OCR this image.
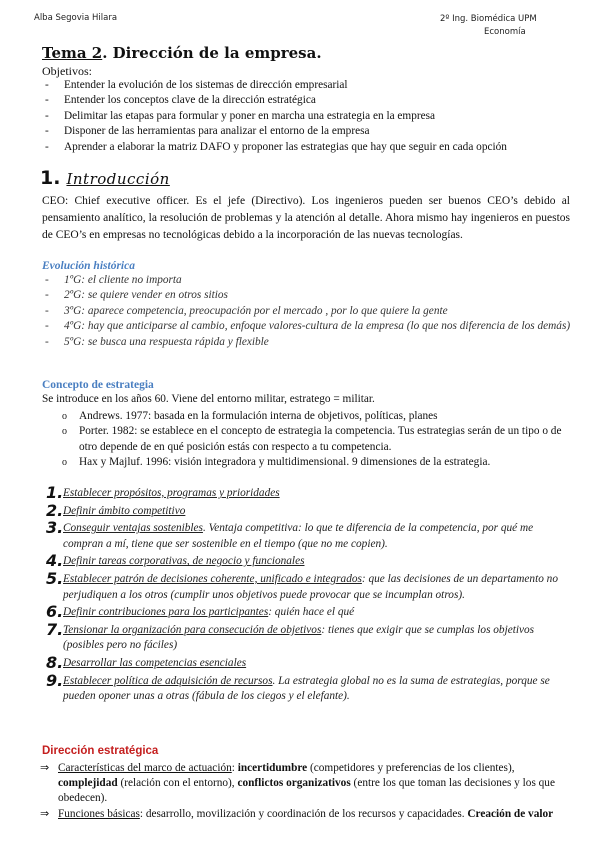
Alba Segovia Hilara	2º Ing. Biomédica UPM
Economía
Tema 2. Dirección de la empresa.
Objetivos:
- Entender la evolución de los sistemas de dirección empresarial
- Entender los conceptos clave de la dirección estratégica
- Delimitar las etapas para formular y poner en marcha una estrategia en la empresa
- Disponer de las herramientas para analizar el entorno de la empresa
- Aprender a elaborar la matriz DAFO y proponer las estrategias que hay que seguir en cada opción
1. Introducción
CEO: Chief executive officer. Es el jefe (Directivo). Los ingenieros pueden ser buenos CEO’s debido al pensamiento analítico, la resolución de problemas y la atención al detalle. Ahora mismo hay ingenieros en puestos de CEO’s en empresas no tecnológicas debido a la incorporación de las nuevas tecnologías.
Evolución histórica
- 1ºG: el cliente no importa
- 2ºG: se quiere vender en otros sitios
- 3ºG: aparece competencia, preocupación por el mercado , por lo que quiere la gente
- 4ºG: hay que anticiparse al cambio, enfoque valores-cultura de la empresa (lo que nos diferencia de los demás)
- 5ºG: se busca una respuesta rápida y flexible
Concepto de estrategia
Se introduce en los años 60. Viene del entorno militar, estratego = militar.
o Andrews. 1977: basada en la formulación interna de objetivos, políticas, planes
o Porter. 1982: se establece en el concepto de estrategia la competencia. Tus estrategias serán de un tipo o de otro depende de en qué posición estás con respecto a tu competencia.
o Hax y Majluf. 1996: visión integradora y multidimensional. 9 dimensiones de la estrategia.
1. Establecer propósitos, programas y prioridades
2. Definir ámbito competitivo
3. Conseguir ventajas sostenibles. Ventaja competitiva: lo que te diferencia de la competencia, por qué me compran a mí, tiene que ser sostenible en el tiempo (que no me copien).
4. Definir tareas corporativas, de negocio y funcionales
5. Establecer patrón de decisiones coherente, unificado e integrados: que las decisiones de un departamento no perjudiquen a los otros (cumplir unos objetivos puede provocar que se incumplan otros).
6. Definir contribuciones para los participantes: quién hace el qué
7. Tensionar la organización para consecución de objetivos: tienes que exigir que se cumplas los objetivos (posibles pero no fáciles)
8. Desarrollar las competencias esenciales
9. Establecer política de adquisición de recursos. La estrategia global no es la suma de estrategias, porque se pueden oponer unas a otras (fábula de los ciegos y el elefante).
Dirección estratégica
⇒ Características del marco de actuación: incertidumbre (competidores y preferencias de los clientes), complejidad (relación con el entorno), conflictos organizativos (entre los que toman las decisiones y los que obedecen).
⇒ Funciones básicas: desarrollo, movilización y coordinación de los recursos y capacidades. Creación de valor
